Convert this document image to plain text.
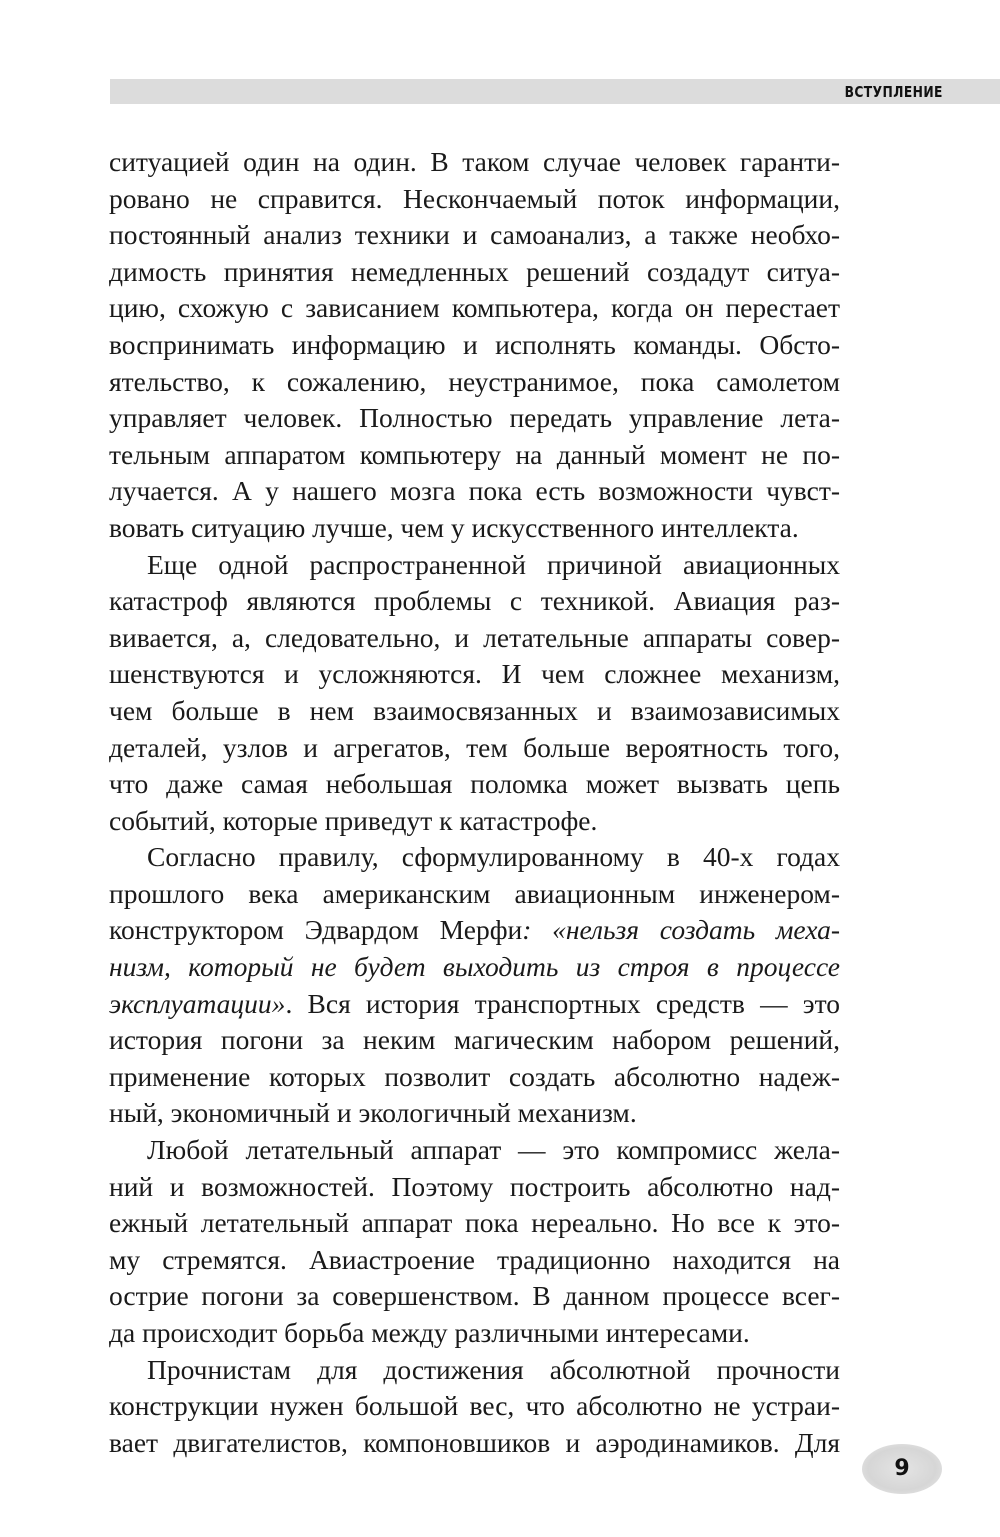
ВСТУПЛЕНИЕ
ситуацией один на один. В таком случае человек гаранти-
ровано не справится. Нескончаемый поток информации,
постоянный анализ техники и самоанализ, а также необхо-
димость принятия немедленных решений создадут ситуа-
цию, схожую с зависанием компьютера, когда он перестает
воспринимать информацию и исполнять команды. Обсто-
ятельство, к сожалению, неустранимое, пока самолетом
управляет человек. Полностью передать управление лета-
тельным аппаратом компьютеру на данный момент не по-
лучается. А у нашего мозга пока есть возможности чувст-
вовать ситуацию лучше, чем у искусственного интеллекта.
Еще одной распространенной причиной авиационных
катастроф являются проблемы с техникой. Авиация раз-
вивается, а, следовательно, и летательные аппараты совер-
шенствуются и усложняются. И чем сложнее механизм,
чем больше в нем взаимосвязанных и взаимозависимых
деталей, узлов и агрегатов, тем больше вероятность того,
что даже самая небольшая поломка может вызвать цепь
событий, которые приведут к катастрофе.
Согласно правилу, сформулированному в 40-х годах
прошлого века американским авиационным инженером-
конструктором Эдвардом Мерфи: «нельзя создать меха-
низм, который не будет выходить из строя в процессе
эксплуатации». Вся история транспортных средств — это
история погони за неким магическим набором решений,
применение которых позволит создать абсолютно надеж-
ный, экономичный и экологичный механизм.
Любой летательный аппарат — это компромисс жела-
ний и возможностей. Поэтому построить абсолютно над-
ежный летательный аппарат пока нереально. Но все к это-
му стремятся. Авиастроение традиционно находится на
острие погони за совершенством. В данном процессе всег-
да происходит борьба между различными интересами.
Прочнистам для достижения абсолютной прочности
конструкции нужен большой вес, что абсолютно не устраи-
вает двигателистов, компоновшиков и аэродинамиков. Для
9
